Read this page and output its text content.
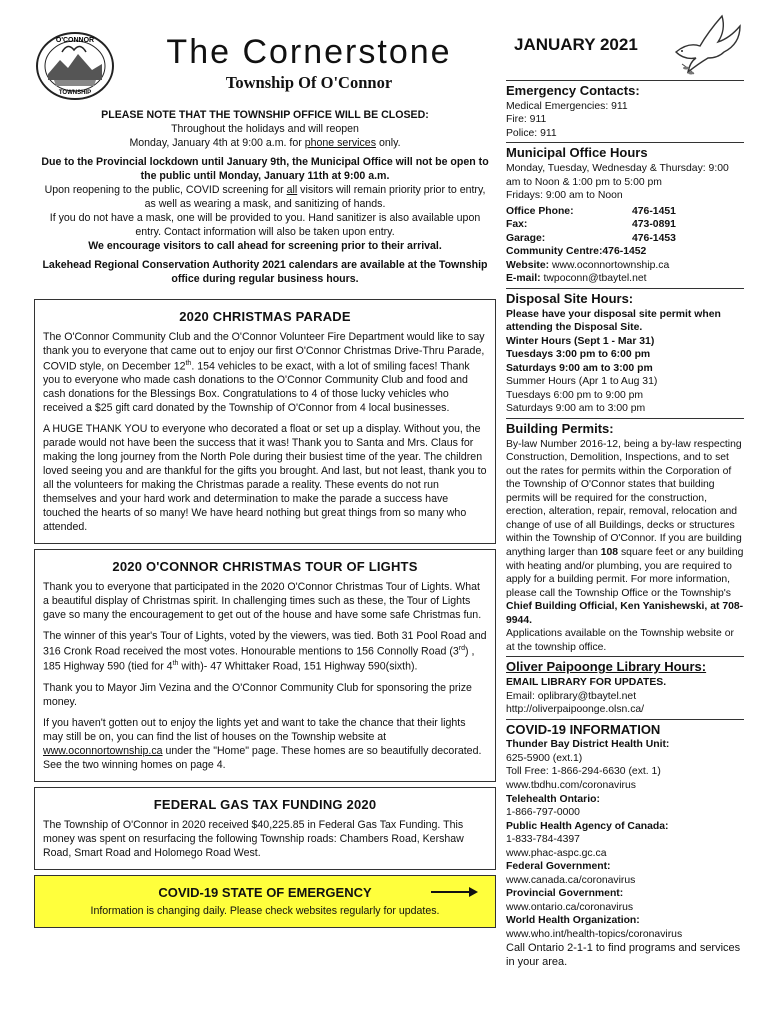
O'CONNOR
TOWNSHIP
The Cornerstone
Township Of O'Connor
JANUARY 2021

PLEASE NOTE THAT THE TOWNSHIP OFFICE WILL BE CLOSED:

Throughout the holidays and will reopen

Monday, January 4th at 9:00 a.m. for phone services only.

Due to the Provincial lockdown until January 9th, the Municipal Office will not be open to the public until Monday, January 11th at 9:00 a.m.

Upon reopening to the public, COVID screening for all visitors will remain priority prior to entry, as well as wearing a mask, and sanitizing of hands.

If you do not have a mask, one will be provided to you. Hand sanitizer is also available upon entry. Contact information will also be taken upon entry.

We encourage visitors to call ahead for screening prior to their arrival.

Lakehead Regional Conservation Authority 2021 calendars are available at the Township office during regular business hours.

2020 CHRISTMAS PARADE

The O'Connor Community Club and the O'Connor Volunteer Fire Department would like to say thank you to everyone that came out to enjoy our first O'Connor Christmas Drive-Thru Parade, COVID style, on December 12th. 154 vehicles to be exact, with a lot of smiling faces! Thank you to everyone who made cash donations to the O'Connor Community Club and food and cash donations for the Blessings Box. Congratulations to 4 of those lucky vehicles who received a $25 gift card donated by the Township of O'Connor from 4 local businesses.

A HUGE THANK YOU to everyone who decorated a float or set up a display. Without you, the parade would not have been the success that it was! Thank you to Santa and Mrs. Claus for making the long journey from the North Pole during their busiest time of the year. The children loved seeing you and are thankful for the gifts you brought. And last, but not least, thank you to all the volunteers for making the Christmas parade a reality. These events do not run themselves and your hard work and determination to make the parade a success have touched the hearts of so many! We have heard nothing but great things from so many who attended.

2020 O'CONNOR CHRISTMAS TOUR OF LIGHTS

Thank you to everyone that participated in the 2020 O'Connor Christmas Tour of Lights. What a beautiful display of Christmas spirit. In challenging times such as these, the Tour of Lights gave so many the encouragement to get out of the house and have some safe Christmas fun.

The winner of this year's Tour of Lights, voted by the viewers, was tied. Both 31 Pool Road and 316 Cronk Road received the most votes. Honourable mentions to 156 Connolly Road (3rd) , 185 Highway 590 (tied for 4th with)- 47 Whittaker Road, 151 Highway 590(sixth).

Thank you to Mayor Jim Vezina and the O'Connor Community Club for sponsoring the prize money.

If you haven't gotten out to enjoy the lights yet and want to take the chance that their lights may still be on, you can find the list of houses on the Township website at www.oconnortownship.ca under the "Home" page. These homes are so beautifully decorated. See the two winning homes on page 4.

FEDERAL GAS TAX FUNDING 2020

The Township of O'Connor in 2020 received $40,225.85 in Federal Gas Tax Funding. This money was spent on resurfacing the following Township roads: Chambers Road, Kershaw Road, Smart Road and Holomego Road West.

COVID-19 STATE OF EMERGENCY
Information is changing daily. Please check websites regularly for updates.
Emergency Contacts:
Medical Emergencies: 911
Fire: 911
Police: 911
Municipal Office Hours
Monday, Tuesday, Wednesday & Thursday: 9:00 am to Noon & 1:00 pm to 5:00 pm
Fridays: 9:00 am to Noon
Office Phone:	476-1451
Fax:	473-0891
Garage:	476-1453
Community Centre:476-1452
Website: www.oconnortownship.ca
E-mail: twpoconn@tbaytel.net
Disposal Site Hours:
Please have your disposal site permit when attending the Disposal Site.
Winter Hours (Sept 1 - Mar 31)
Tuesdays 3:00 pm to 6:00 pm
Saturdays 9:00 am to 3:00 pm
Summer Hours (Apr 1 to Aug 31)
Tuesdays 6:00 pm to 9:00 pm
Saturdays 9:00 am to 3:00 pm
Building Permits:
By-law Number 2016-12, being a by-law respecting Construction, Demolition, Inspections, and to set out the rates for permits within the Corporation of the Township of O'Connor states that building permits will be required for the construction, erection, alteration, repair, removal, relocation and change of use of all Buildings, decks or structures within the Township of O'Connor. If you are building anything larger than 108 square feet or any building with heating and/or plumbing, you are required to apply for a building permit. For more information, please call the Township Office or the Township's Chief Building Official, Ken Yanishewski, at 708-9944.
Applications available on the Township website or at the township office.
Oliver Paipoonge Library Hours:
EMAIL LIBRARY FOR UPDATES.
Email: oplibrary@tbaytel.net
http://oliverpaipoonge.olsn.ca/
COVID-19 INFORMATION
Thunder Bay District Health Unit:
625-5900 (ext.1)
Toll Free: 1-866-294-6630 (ext. 1)
www.tbdhu.com/coronavirus
Telehealth Ontario:
1-866-797-0000
Public Health Agency of Canada:
1-833-784-4397
www.phac-aspc.gc.ca
Federal Government:
www.canada.ca/coronavirus
Provincial Government:
www.ontario.ca/coronavirus
World Health Organization:
www.who.int/health-topics/coronavirus
Call Ontario 2-1-1 to find programs and services in your area.
